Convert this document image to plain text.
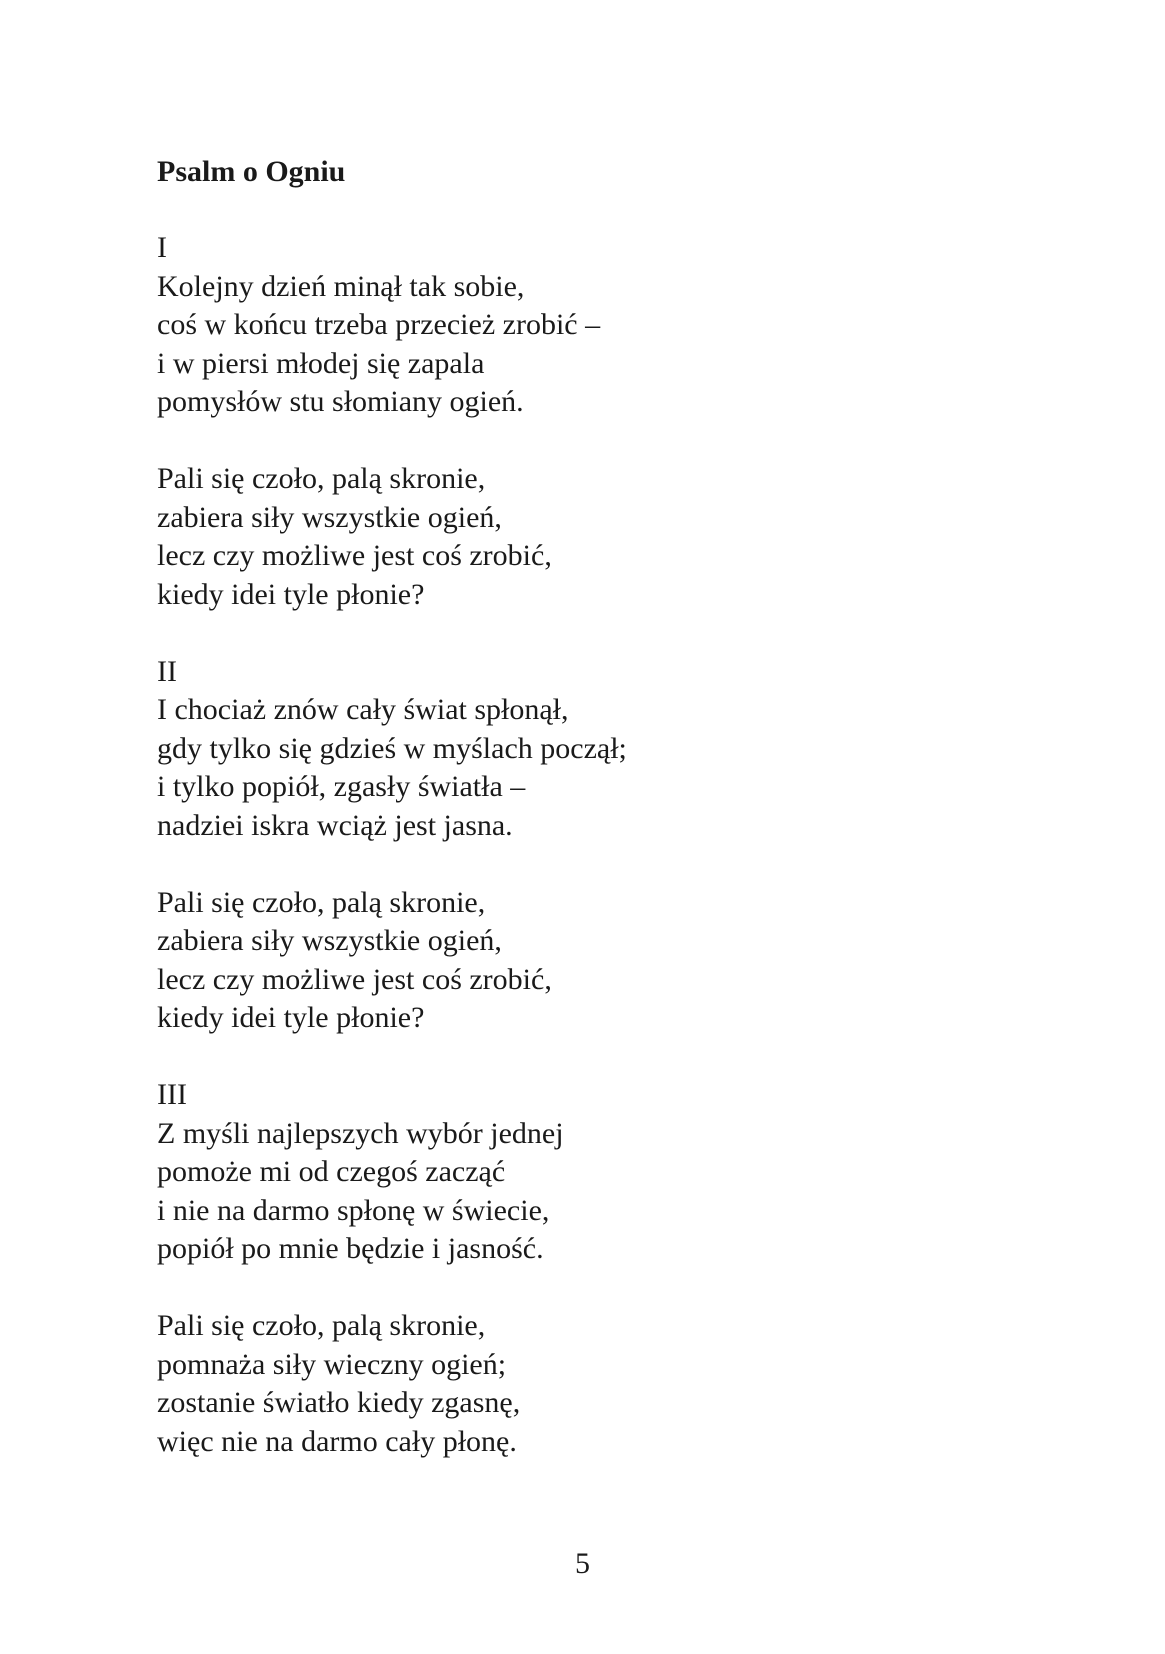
Psalm o Ogniu
I
Kolejny dzień minął tak sobie,
coś w końcu trzeba przecież zrobić –
i w piersi młodej się zapala
pomysłów stu słomiany ogień.
Pali się czoło, palą skronie,
zabiera siły wszystkie ogień,
lecz czy możliwe jest coś zrobić,
kiedy idei tyle płonie?
II
I chociaż znów cały świat spłonął,
gdy tylko się gdzieś w myślach począł;
i tylko popiół, zgasły światła –
nadziei iskra wciąż jest jasna.
Pali się czoło, palą skronie,
zabiera siły wszystkie ogień,
lecz czy możliwe jest coś zrobić,
kiedy idei tyle płonie?
III
Z myśli najlepszych wybór jednej
pomoże mi od czegoś zacząć
i nie na darmo spłonę w świecie,
popiół po mnie będzie i jasność.
Pali się czoło, palą skronie,
pomnaża siły wieczny ogień;
zostanie światło kiedy zgasnę,
więc nie na darmo cały płonę.
5
